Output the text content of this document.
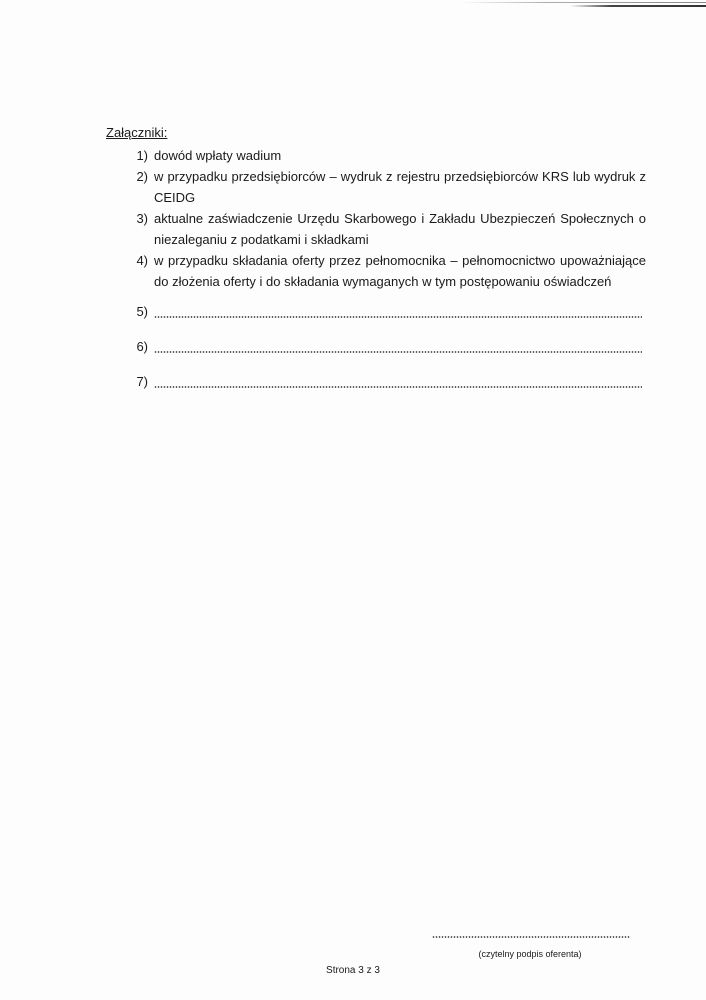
Załączniki:
1) dowód wpłaty wadium
2) w przypadku przedsiębiorców – wydruk z rejestru przedsiębiorców KRS lub wydruk z CEIDG
3) aktualne zaświadczenie Urzędu Skarbowego i Zakładu Ubezpieczeń Społecznych o niezaleganiu z podatkami i składkami
4) w przypadku składania oferty przez pełnomocnika – pełnomocnictwo upoważniające do złożenia oferty i do składania wymaganych w tym postępowaniu oświadczeń
5)
6)
7)
(czytelny podpis oferenta)
Strona 3 z 3
